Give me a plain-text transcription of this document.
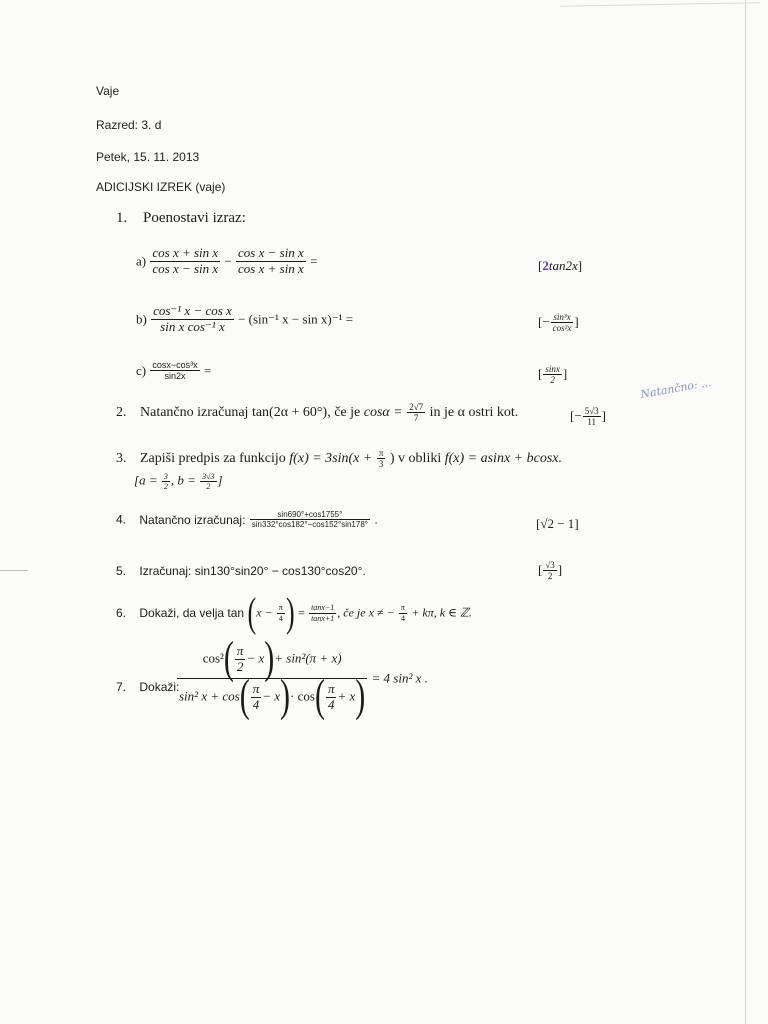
Vaje
Razred: 3. d
Petek, 15. 11. 2013
ADICIJSKI IZREK (vaje)
1. Poenostavi izraz:
$a) \frac{\text{cos x + sin x}}{\text{cos x − sin x}} - \frac{\text{cos x − sin x}}{\text{cos x + sin x}}$ =	[2tan2x]
$b) \frac{\text{cos⁻¹ x − cos x}}{\text{sin x cos⁻¹ x}} - (\sin^{-1}$ x − sin x)⁻¹ =	[− $\frac{\text{sin³x}}{\text{cos²x}}$ ]
$c) \frac{\text{cosx−cos³x}}{\sin 2x}$ =	[ $\frac{\sin x}{2}$ ]
Natančno: ...
2. Natančno izračunaj tan(2α + 60°), če je $\cos\alpha = \frac{2√7}{7}$ in je α ostri kot.	[− $\frac{5√3}{11}$ ]
3. Zapiši predpis za funkcijo $f(x) = 3\sin(x + \frac{\pi}{3}$ ) v obliki f(x) = asinx + bcosx.
[$a = \frac{3}{2}$ , $b = \frac{3√3}{2}$ ]
4. Natančno izračunaj: $\frac{\sin 690^\circ+\cos 1755^\circ}{\sin 332^\circ\cos 182^\circ-\cos 152^\circ\sin 178^\circ}$ .	[√2 − 1]
5. Izračunaj: sin130°sin20° − cos130°cos20°.	[ $\frac{√3}{2}$ ]
6. Dokaži, da velja $\tan (x - \frac{\pi}{4}$ ) = $\frac{\tan x-1}{\tan x+1}$ , če je x ≠ − $\frac{\pi}{4} + k\pi$, k ∈ ℤ.
7. Dokaži:
$\frac{\cos^2( \frac{\pi}{2} - x)+ \sin^2(\pi + x)}{\sin^2 x + \cos( \frac{\pi}{4} - x)\cdot \cos( \frac{\pi}{4} + x)} = 4$ sin² x .
